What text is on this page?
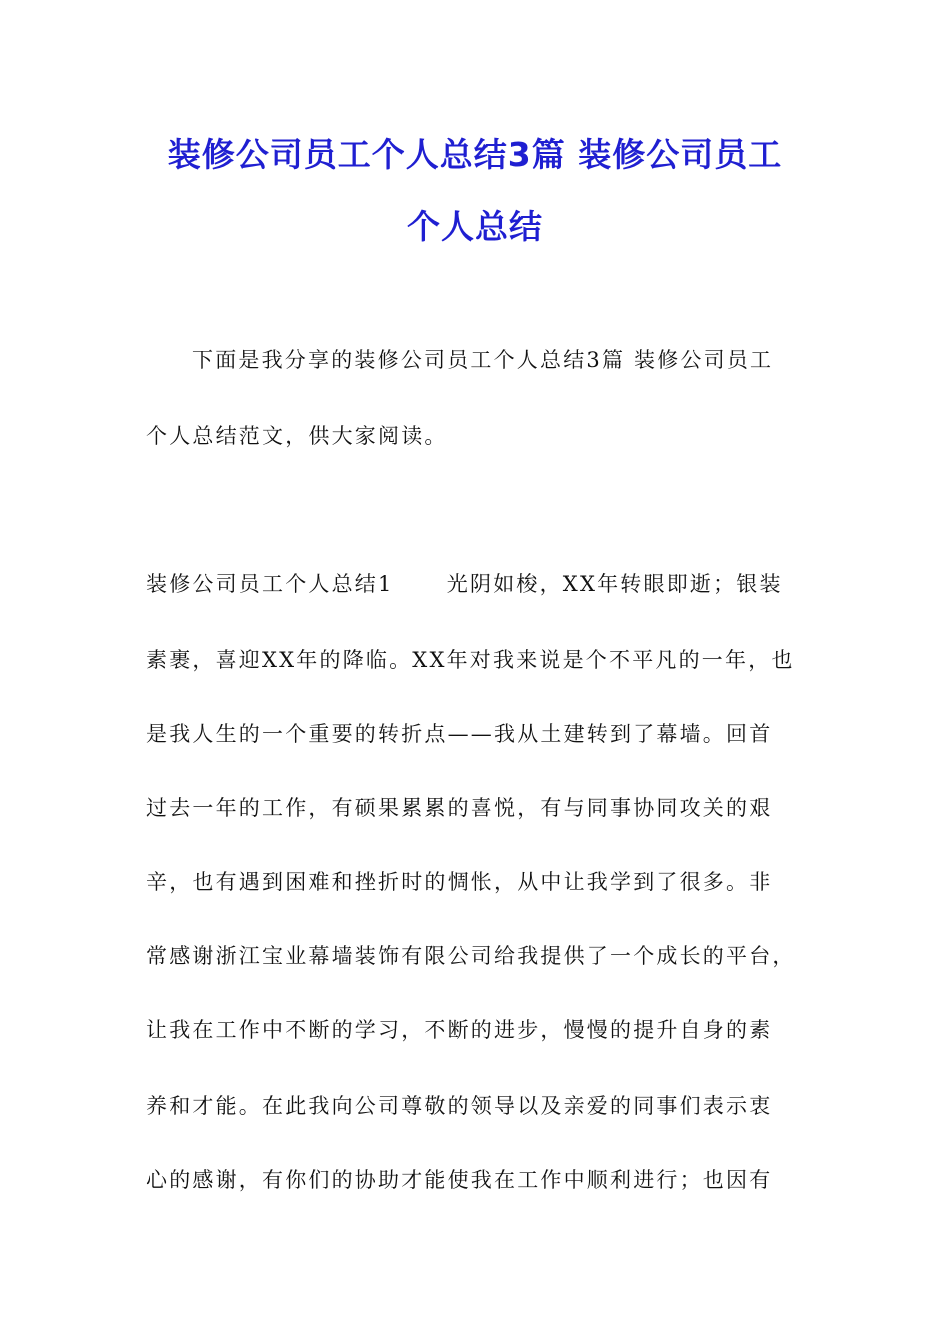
装修公司员工个人总结3篇 装修公司员工
个人总结
下面是我分享的装修公司员工个人总结3篇 装修公司员工
个人总结范文，供大家阅读。
装修公司员工个人总结1      光阴如梭，XX年转眼即逝；银装
素裹，喜迎XX年的降临。XX年对我来说是个不平凡的一年，也
是我人生的一个重要的转折点——我从土建转到了幕墙。回首
过去一年的工作，有硕果累累的喜悦，有与同事协同攻关的艰
辛，也有遇到困难和挫折时的惆怅，从中让我学到了很多。非
常感谢浙江宝业幕墙装饰有限公司给我提供了一个成长的平台，
让我在工作中不断的学习，不断的进步，慢慢的提升自身的素
养和才能。在此我向公司尊敬的领导以及亲爱的同事们表示衷
心的感谢，有你们的协助才能使我在工作中顺利进行；也因有
